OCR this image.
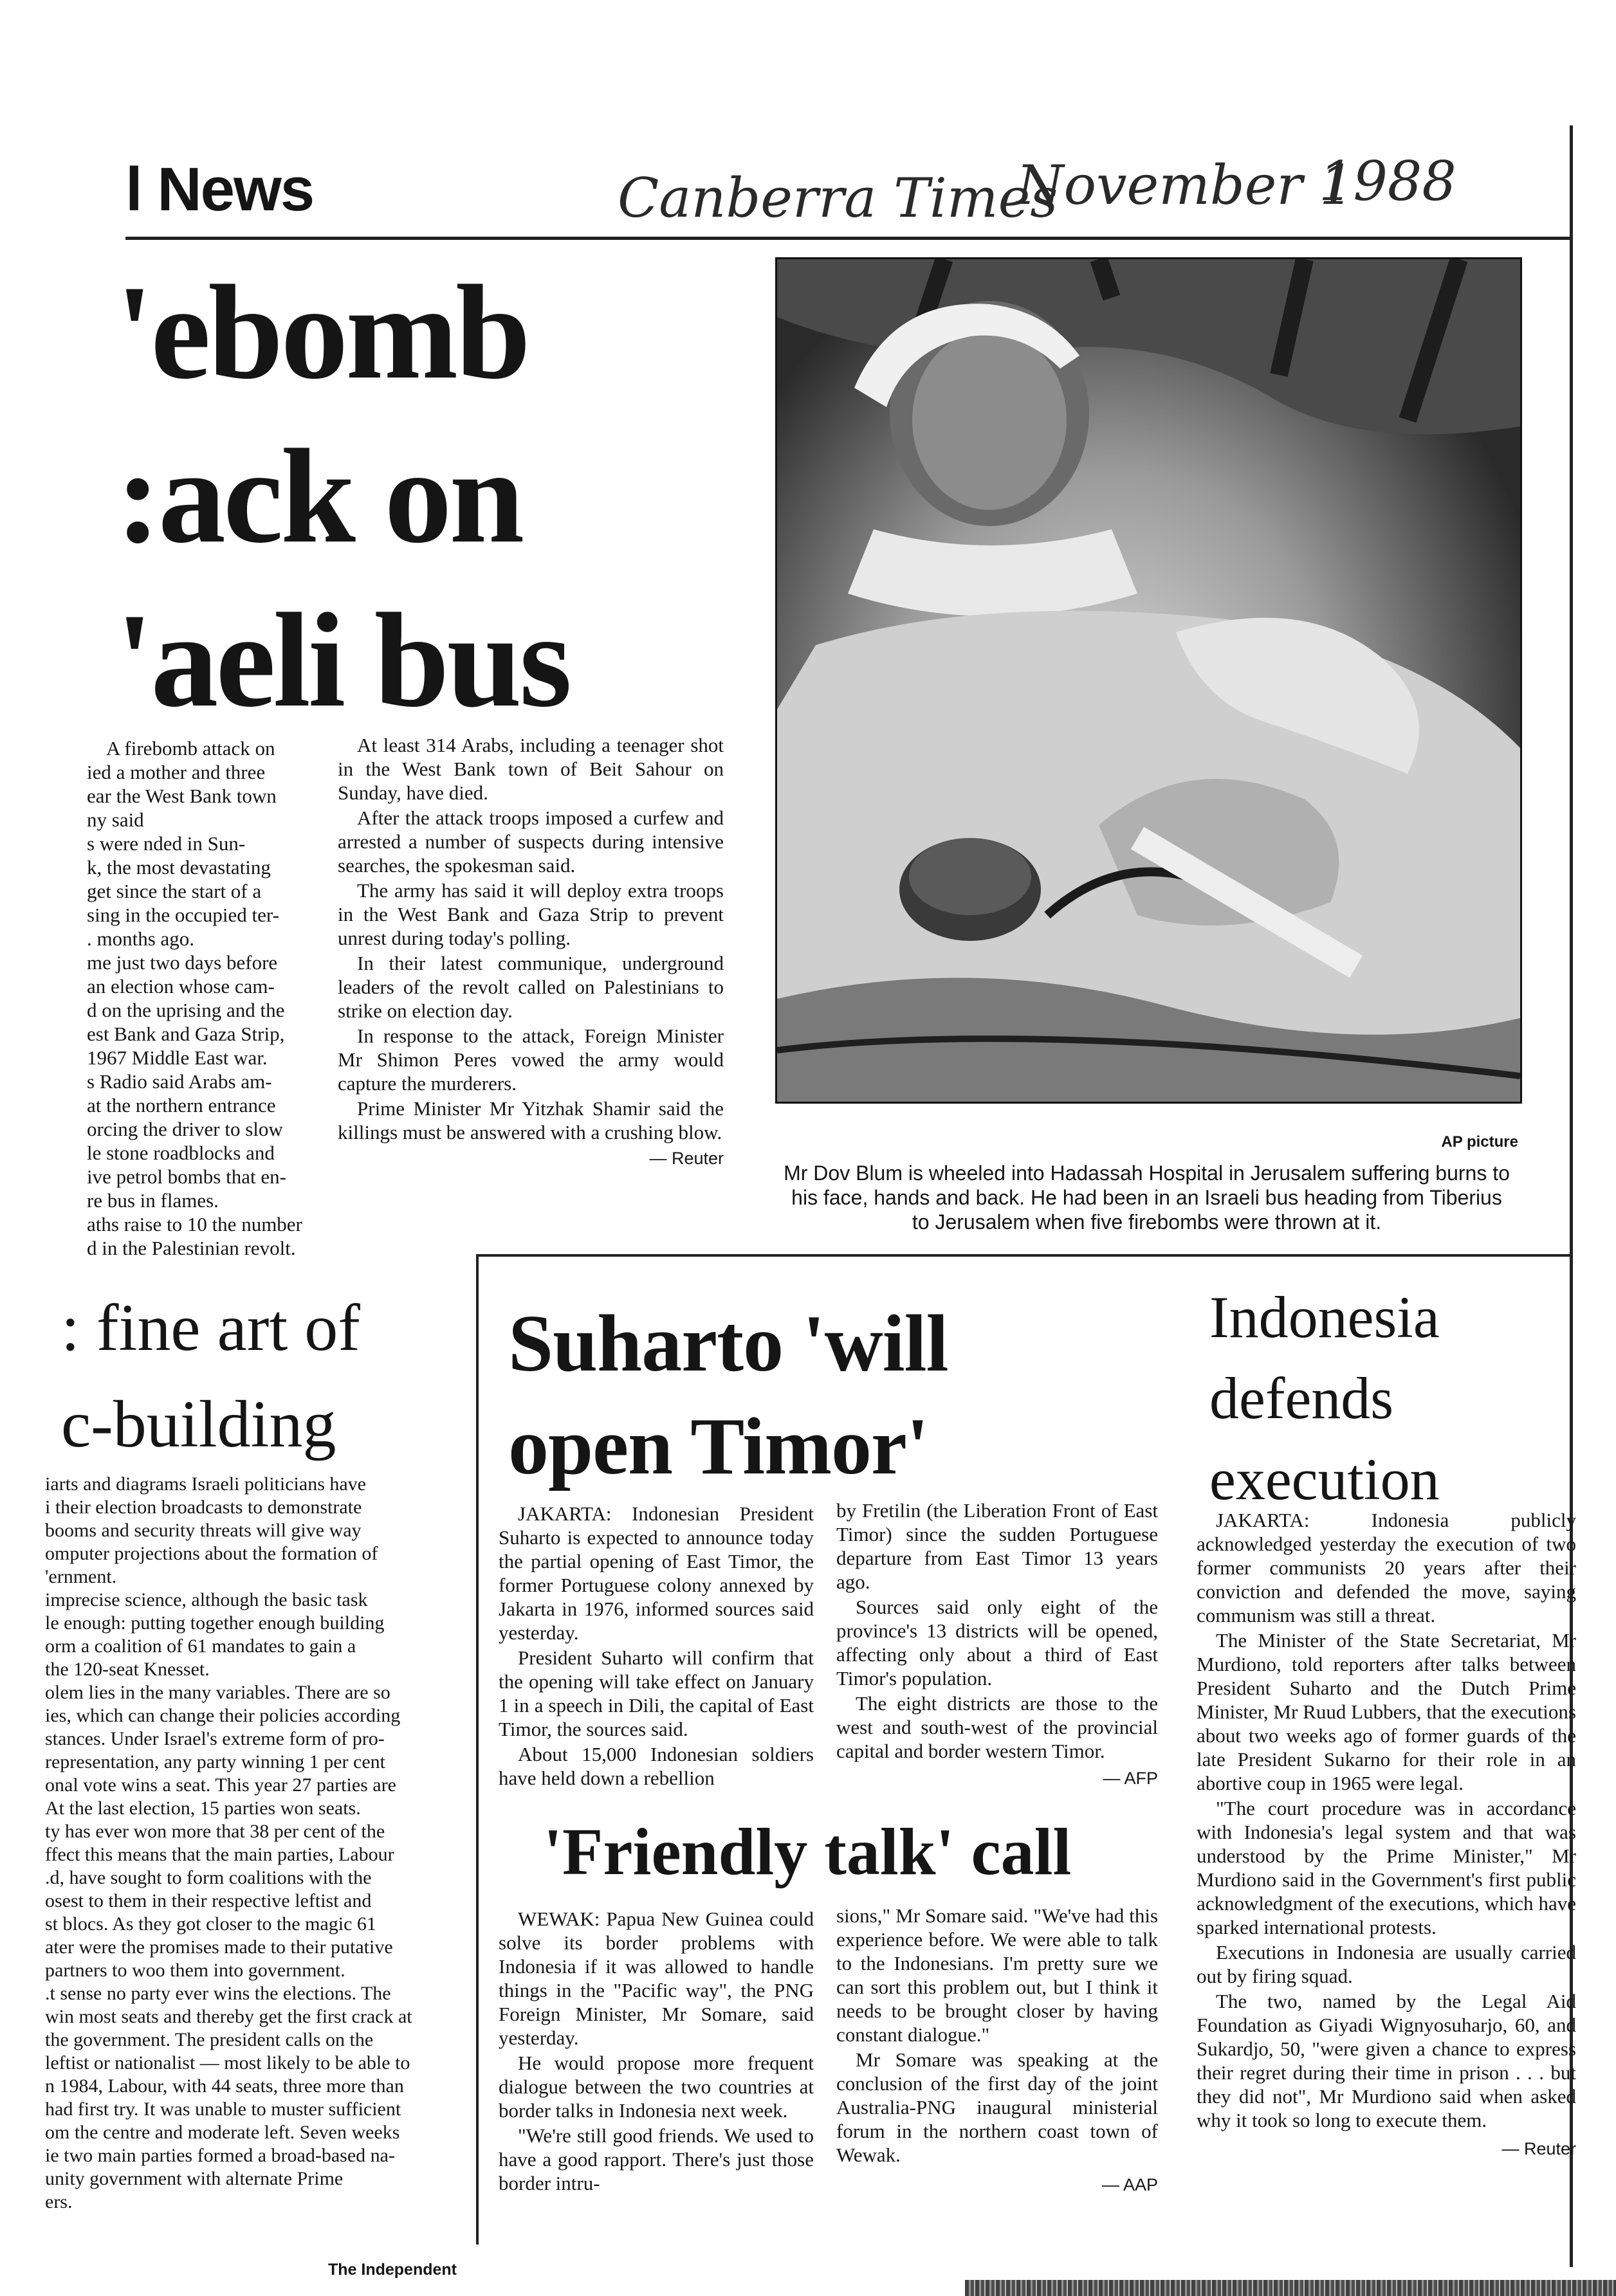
l News	Canberra Times
November 1
1988
'ebomb
:ack on
'aeli bus
A firebomb attack on
ied a mother and three
ear the West Bank town
ny said
s were nded in Sun-
k, the most devastating
get since the start of a
sing in the occupied ter-
. months ago.
me just two days before
an election whose cam-
d on the uprising and the
est Bank and Gaza Strip,
1967 Middle East war.
s Radio said Arabs am-
at the northern entrance
orcing the driver to slow
le stone roadblocks and
ive petrol bombs that en-
re bus in flames.
aths raise to 10 the number
d in the Palestinian revolt.

At least 314 Arabs, including a teenager shot in the West Bank town of Beit Sahour on Sunday, have died.

After the attack troops imposed a curfew and arrested a number of suspects during intensive searches, the spokesman said.

The army has said it will deploy extra troops in the West Bank and Gaza Strip to prevent unrest during today's polling.

In their latest communique, underground leaders of the revolt called on Palestinians to strike on election day.

In response to the attack, Foreign Minister Mr Shimon Peres vowed the army would capture the murderers.

Prime Minister Mr Yitzhak Shamir said the killings must be answered with a crushing blow.

— Reuter
AP picture
Mr Dov Blum is wheeled into Hadassah Hospital in Jerusalem suffering burns to his face, hands and back. He had been in an Israeli bus heading from Tiberius to Jerusalem when five firebombs were thrown at it.
: fine art of
c-building
iarts and diagrams Israeli politicians have
i their election broadcasts to demonstrate
booms and security threats will give way
omputer projections about the formation of
'ernment.
imprecise science, although the basic task
le enough: putting together enough building
orm a coalition of 61 mandates to gain a
the 120-seat Knesset.
olem lies in the many variables. There are so
ies, which can change their policies according
stances. Under Israel's extreme form of pro-
representation, any party winning 1 per cent
onal vote wins a seat. This year 27 parties are
At the last election, 15 parties won seats.
ty has ever won more that 38 per cent of the
ffect this means that the main parties, Labour
.d, have sought to form coalitions with the
osest to them in their respective leftist and
st blocs. As they got closer to the magic 61
ater were the promises made to their putative
partners to woo them into government.
.t sense no party ever wins the elections. The
win most seats and thereby get the first crack at
the government. The president calls on the
leftist or nationalist — most likely to be able to
n 1984, Labour, with 44 seats, three more than
had first try. It was unable to muster sufficient
om the centre and moderate left. Seven weeks
ie two main parties formed a broad-based na-
unity government with alternate Prime
ers.
The Independent
Suharto 'will
open Timor'

JAKARTA: Indonesian President Suharto is expected to announce today the partial opening of East Timor, the former Portuguese colony annexed by Jakarta in 1976, informed sources said yesterday.

President Suharto will confirm that the opening will take effect on January 1 in a speech in Dili, the capital of East Timor, the sources said.

About 15,000 Indonesian soldiers have held down a rebellion

by Fretilin (the Liberation Front of East Timor) since the sudden Portuguese departure from East Timor 13 years ago.

Sources said only eight of the province's 13 districts will be opened, affecting only about a third of East Timor's population.

The eight districts are those to the west and south-west of the provincial capital and border western Timor.

— AFP
'Friendly talk' call

WEWAK: Papua New Guinea could solve its border problems with Indonesia if it was allowed to handle things in the "Pacific way", the PNG Foreign Minister, Mr Somare, said yesterday.

He would propose more frequent dialogue between the two countries at border talks in Indonesia next week.

"We're still good friends. We used to have a good rapport. There's just those border intru-

sions," Mr Somare said. "We've had this experience before. We were able to talk to the Indonesians. I'm pretty sure we can sort this problem out, but I think it needs to be brought closer by having constant dialogue."

Mr Somare was speaking at the conclusion of the first day of the joint Australia-PNG inaugural ministerial forum in the northern coast town of Wewak.

— AAP
Indonesia
defends
execution

JAKARTA: Indonesia publicly acknowledged yesterday the execution of two former communists 20 years after their conviction and defended the move, saying communism was still a threat.

The Minister of the State Secretariat, Mr Murdiono, told reporters after talks between President Suharto and the Dutch Prime Minister, Mr Ruud Lubbers, that the executions about two weeks ago of former guards of the late President Sukarno for their role in an abortive coup in 1965 were legal.

"The court procedure was in accordance with Indonesia's legal system and that was understood by the Prime Minister," Mr Murdiono said in the Government's first public acknowledgment of the executions, which have sparked international protests.

Executions in Indonesia are usually carried out by firing squad.

The two, named by the Legal Aid Foundation as Giyadi Wignyosuharjo, 60, and Sukardjo, 50, "were given a chance to express their regret during their time in prison . . . but they did not", Mr Murdiono said when asked why it took so long to execute them.

— Reuter
